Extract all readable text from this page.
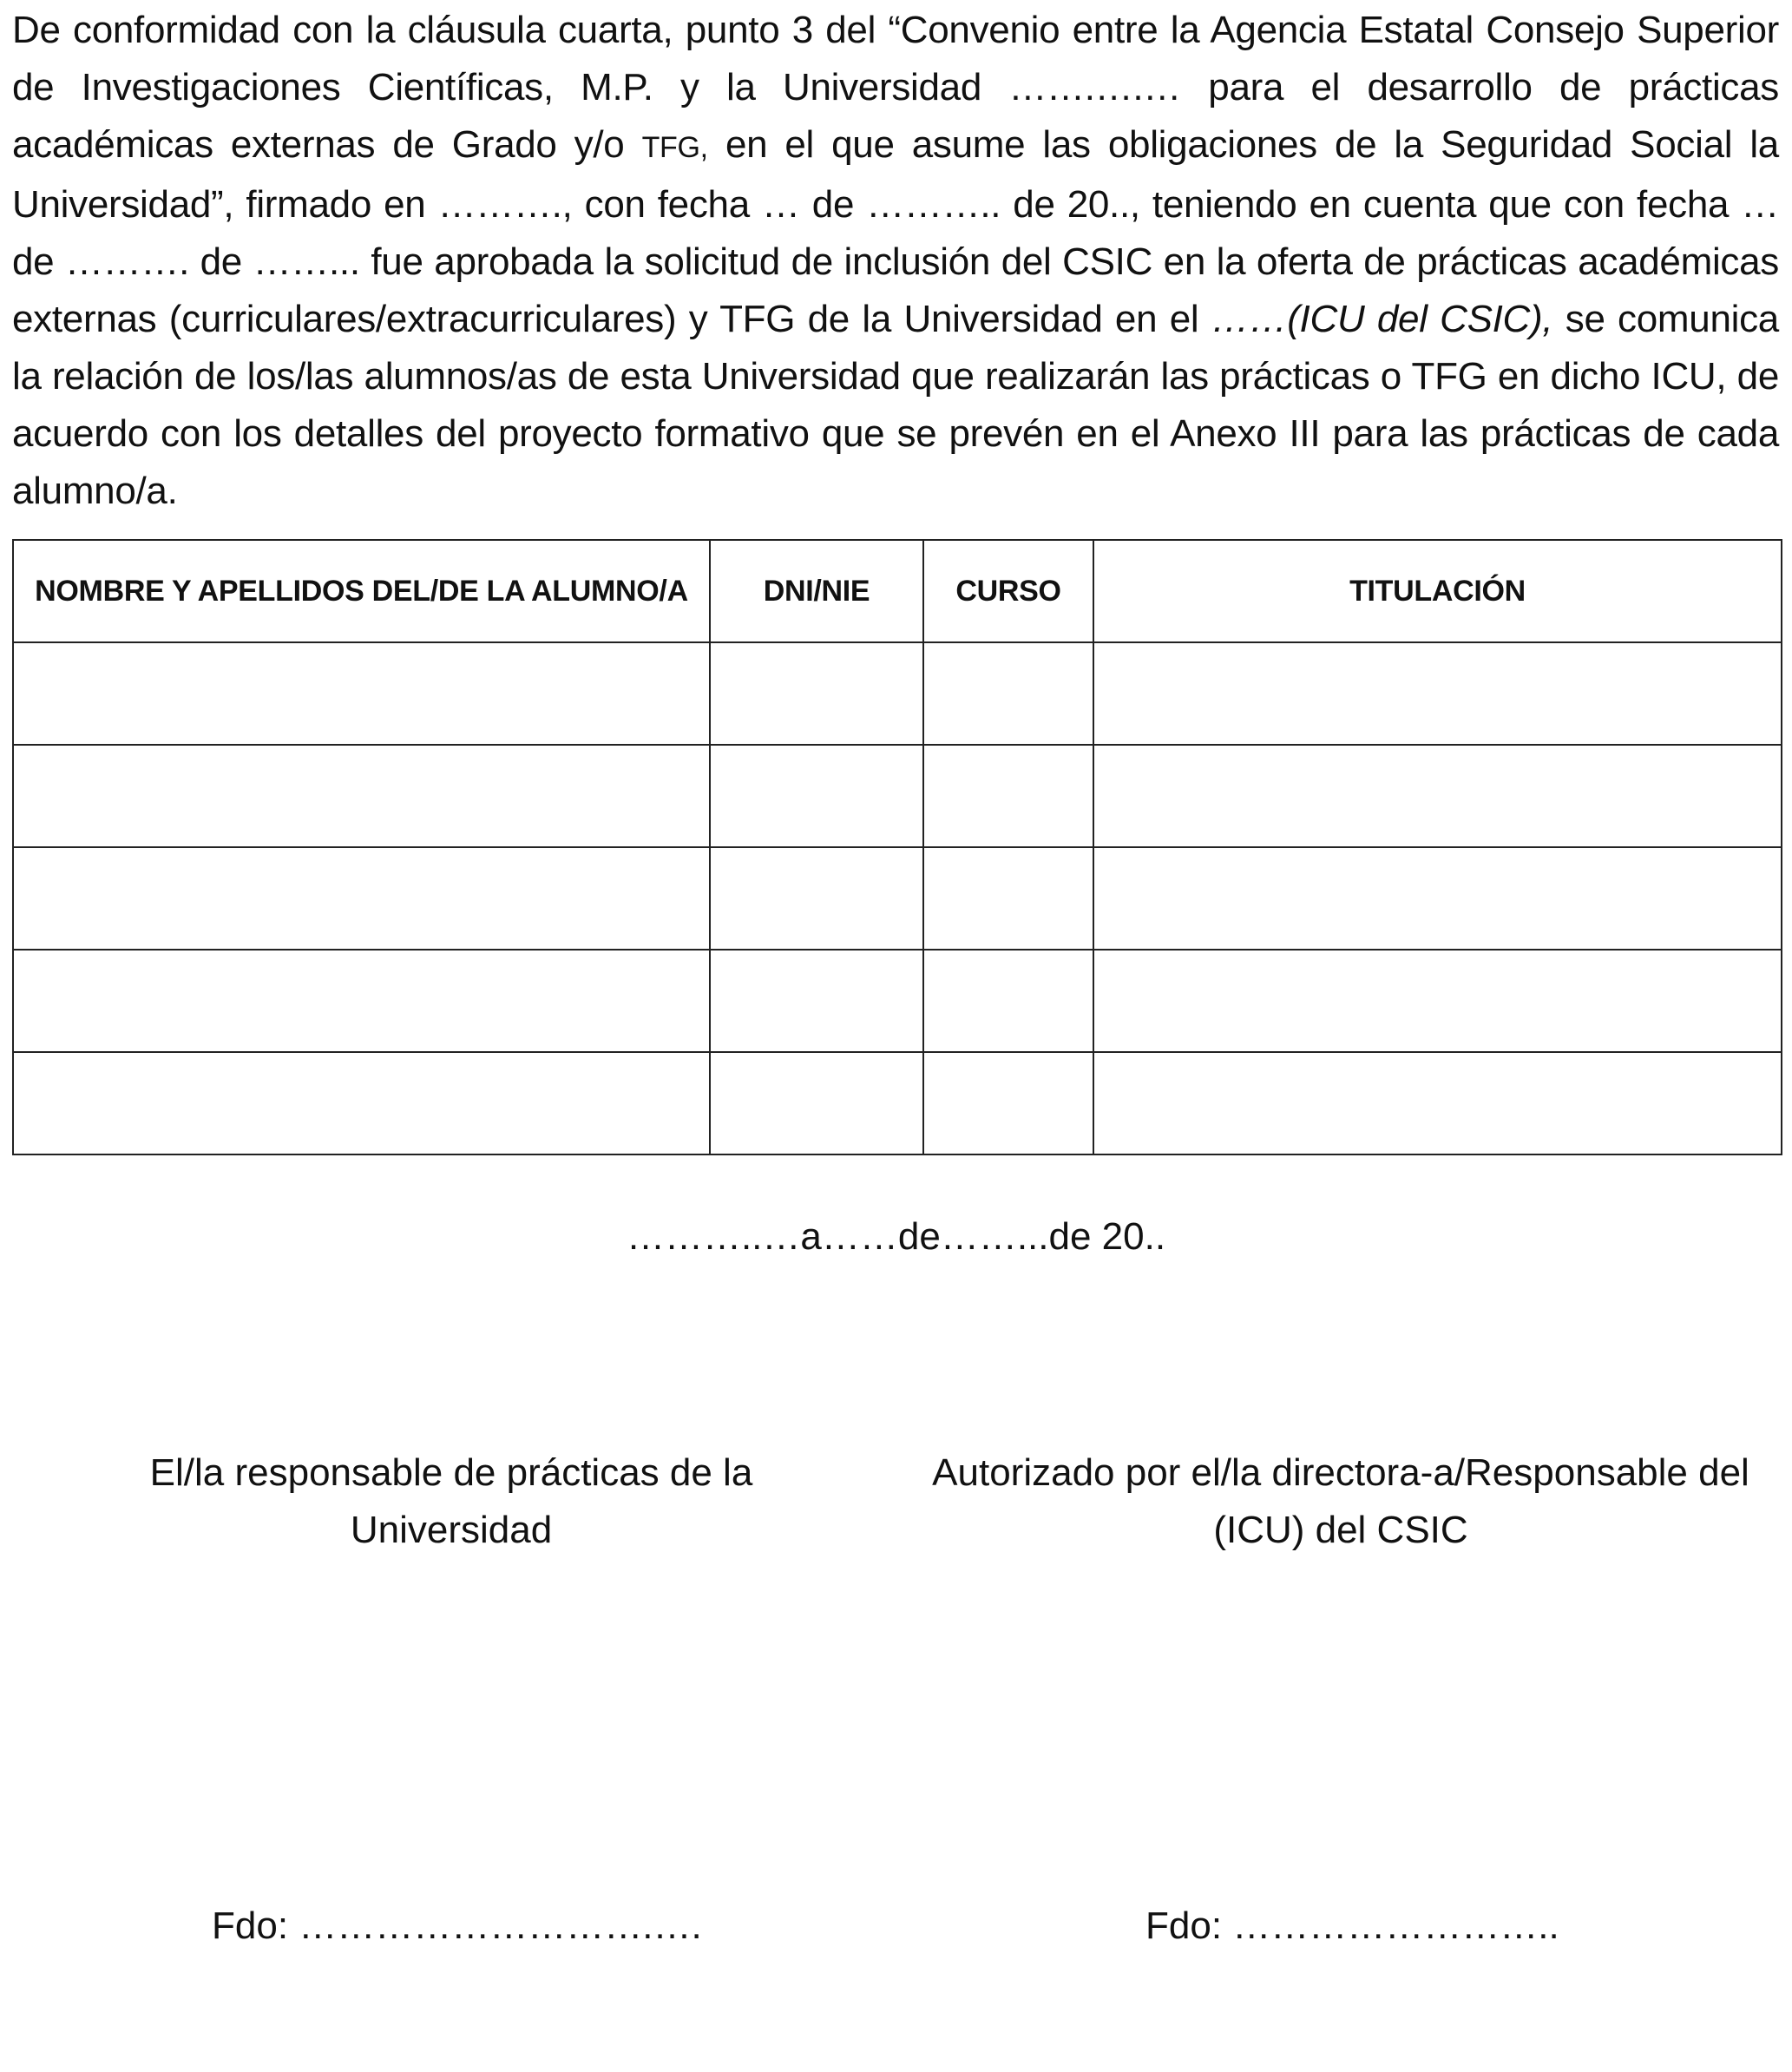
De conformidad con la cláusula cuarta, punto 3 del “Convenio entre la Agencia Estatal Consejo Superior de Investigaciones Científicas, M.P. y la Universidad …….….… para el desarrollo de prácticas académicas externas de Grado y/o TFG, en el que asume las obligaciones de la Seguridad Social la Universidad”, firmado en ………., con fecha … de ……….. de 20.., teniendo en cuenta que con fecha … de ………. de ……... fue aprobada la solicitud de inclusión del CSIC en la oferta de prácticas académicas externas (curriculares/extracurriculares) y TFG de la Universidad en el ……(ICU del CSIC), se comunica la relación de los/las alumnos/as de esta Universidad que realizarán las prácticas o TFG en dicho ICU, de acuerdo con los detalles del proyecto formativo que se prevén en el Anexo III para las prácticas de cada alumno/a.

NOMBRE Y APELLIDOS DEL/DE LA ALUMNO/A	DNI/NIE	CURSO	TITULACIÓN

………..…a……de……...de 20..

El/la responsable de prácticas de la Universidad

Autorizado por el/la directora-a/Responsable del
(ICU) del CSIC

Fdo: ……………………….….	Fdo: ……………………..
